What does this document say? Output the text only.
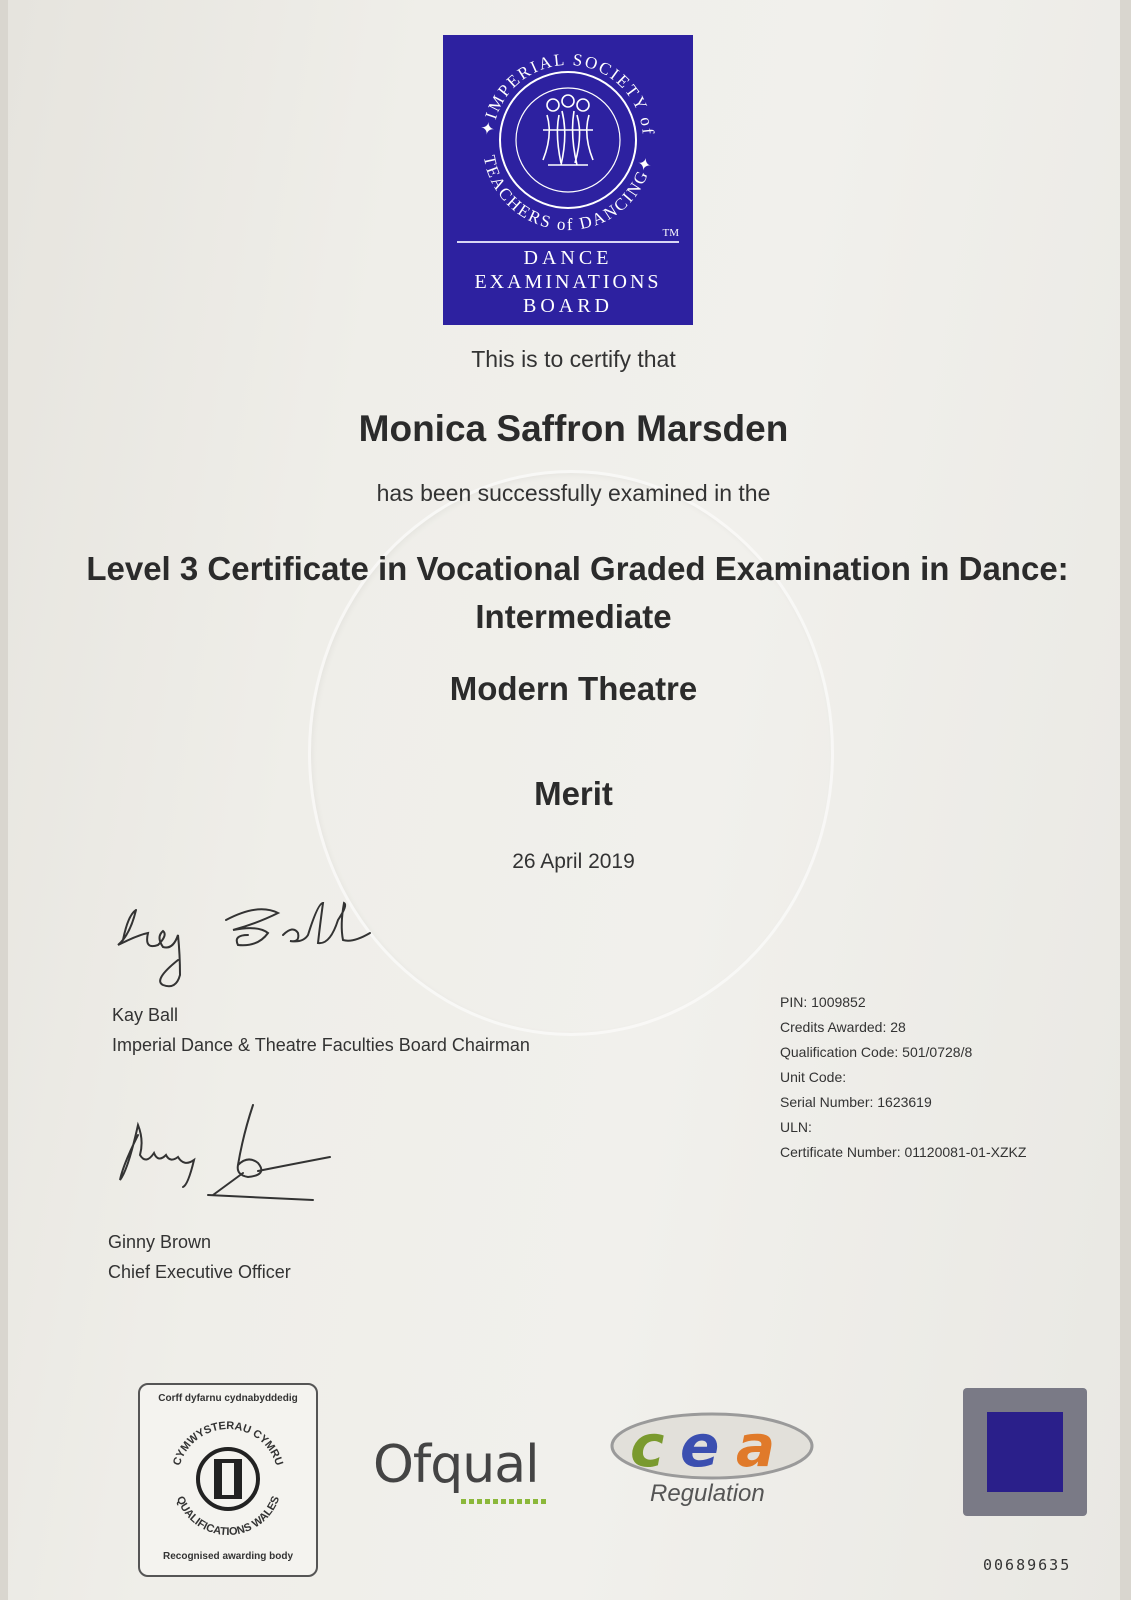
✦IMPERIAL SOCIETY of
TEACHERS of DANCING✦
TM
DANCE
EXAMINATIONS
BOARD
This is to certify that
Monica Saffron Marsden
has been successfully examined in the
Level 3 Certificate in Vocational Graded Examination in Dance:
Intermediate
Modern Theatre
Merit
26 April 2019
Kay Ball
Imperial Dance & Theatre Faculties Board Chairman
Ginny Brown
Chief Executive Officer
PIN: 1009852
Credits Awarded: 28
Qualification Code: 501/0728/8
Unit Code:
Serial Number: 1623619
ULN:
Certificate Number: 01120081-01-XZKZ
Corff dyfarnu cydnabyddedig
CYMWYSTERAU CYMRU
QUALIFICATIONS WALES
Recognised awarding body
Ofqual	c e a
Regulation
00689635
